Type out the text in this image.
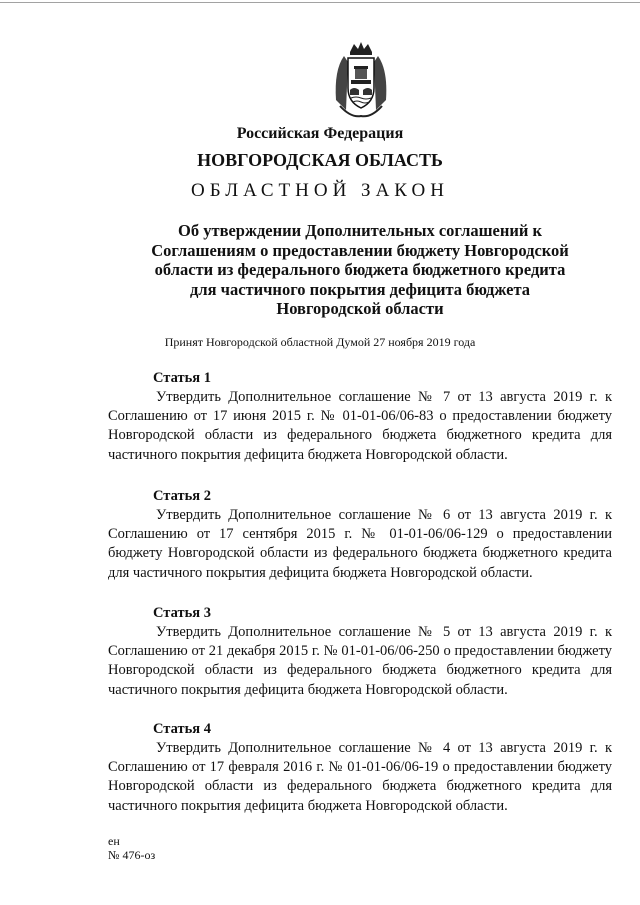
Российская Федерация

НОВГОРОДСКАЯ ОБЛАСТЬ

ОБЛАСТНОЙ ЗАКОН

Об утверждении Дополнительных соглашений к Соглашениям о предоставлении бюджету Новгородской области из федерального бюджета бюджетного кредита для частичного покрытия дефицита бюджета Новгородской области
Принят Новгородской областной Думой 27 ноября 2019 года
Статья 1

Утвердить Дополнительное соглашение № 7 от 13 августа 2019 г. к Соглашению от 17 июня 2015 г. № 01-01-06/06-83 о предоставлении бюджету Новгородской области из федерального бюджета бюджетного кредита для частичного покрытия дефицита бюджета Новгородской области.

Статья 2

Утвердить Дополнительное соглашение № 6 от 13 августа 2019 г. к Соглашению от 17 сентября 2015 г. № 01-01-06/06-129 о предоставлении бюджету Новгородской области из федерального бюджета бюджетного кредита для частичного покрытия дефицита бюджета Новгородской области.

Статья 3

Утвердить Дополнительное соглашение № 5 от 13 августа 2019 г. к Соглашению от 21 декабря 2015 г. № 01-01-06/06-250 о предоставлении бюджету Новгородской области из федерального бюджета бюджетного кредита для частичного покрытия дефицита бюджета Новгородской области.

Статья 4

Утвердить Дополнительное соглашение № 4 от 13 августа 2019 г. к Соглашению от 17 февраля 2016 г. № 01-01-06/06-19 о предоставлении бюджету Новгородской области из федерального бюджета бюджетного кредита для частичного покрытия дефицита бюджета Новгородской области.

ен
№ 476-оз
